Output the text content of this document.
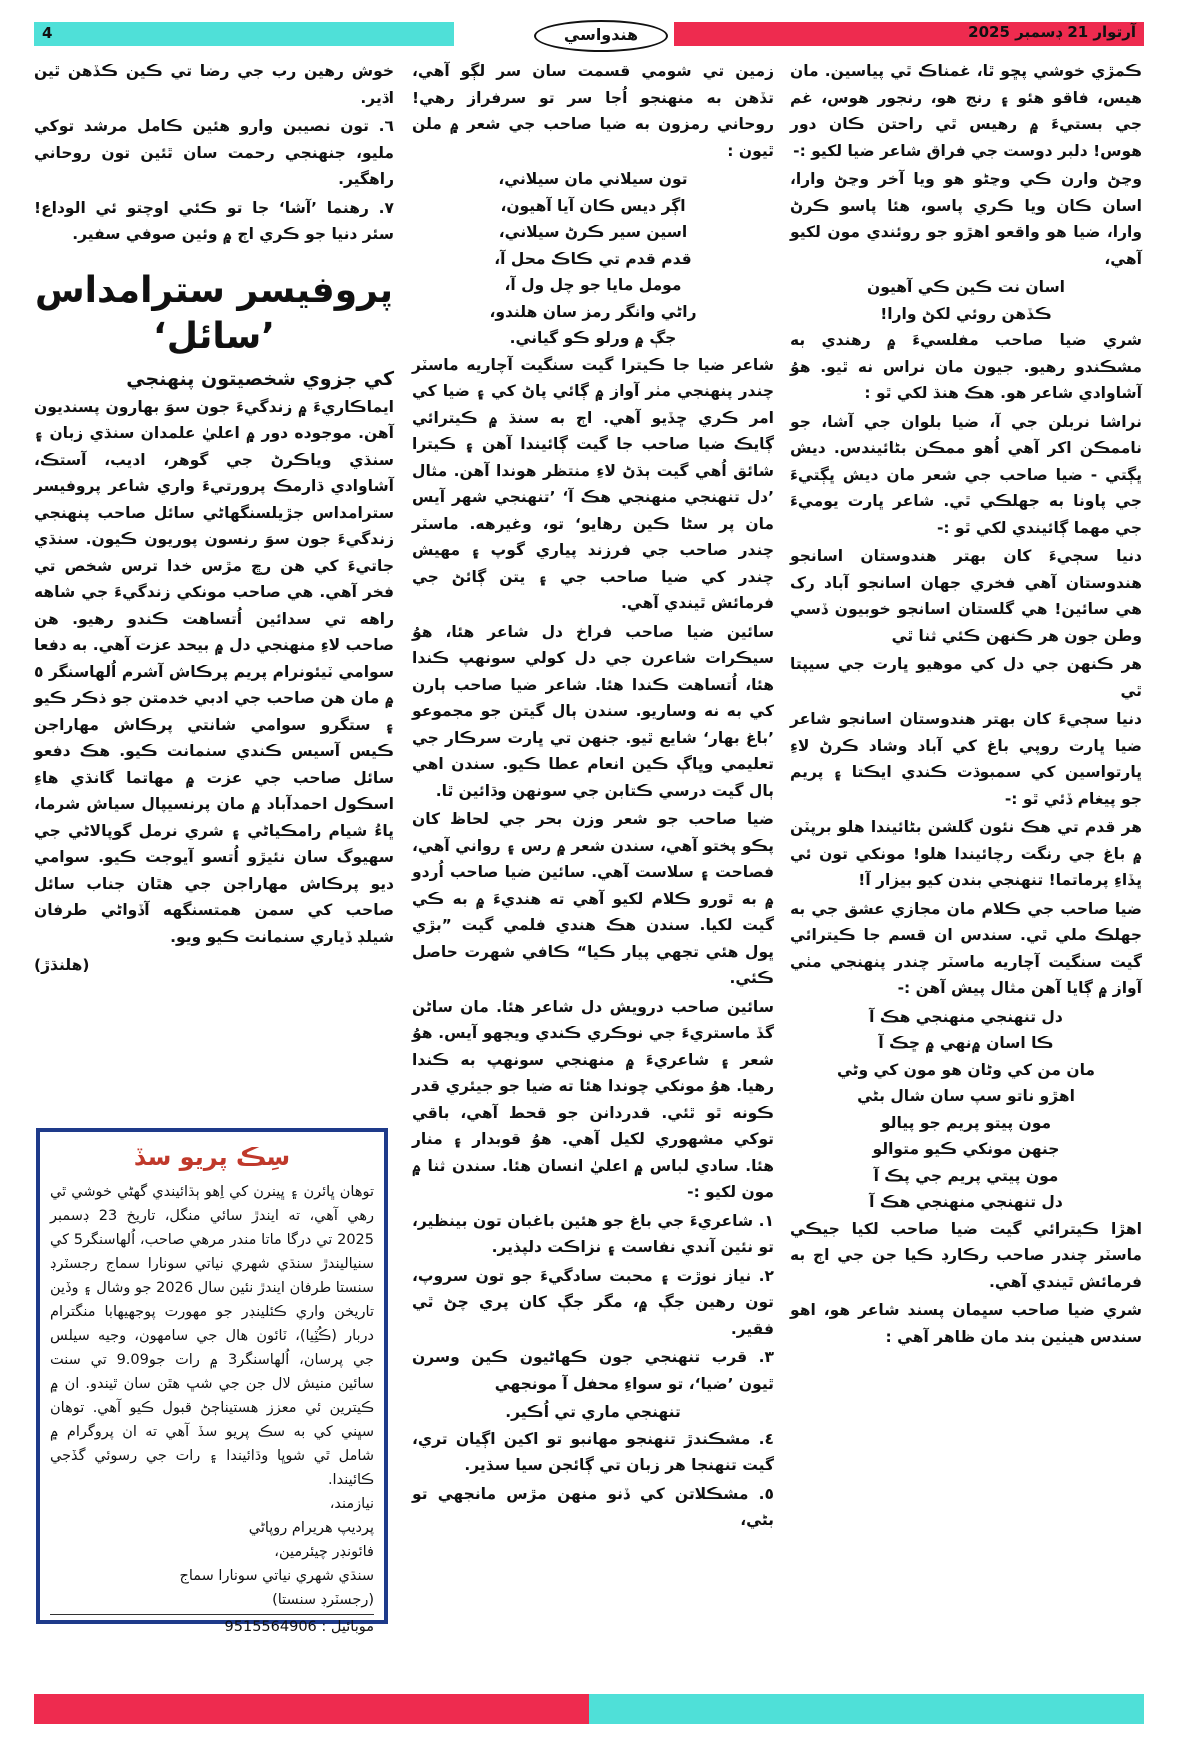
4	هندواسي	آرتوار 21 ڊسمبر 2025

ڪمڙي خوشي پڇو ٿا، غمناڪ ٿي پياسين. مان هيس، فاقو هئو ۽ رنج هو، رنجور هوس، غم جي بستيءَ ۾ رهيس ٿي راحتن ڪان دور هوس! دلبر دوست جي فراق شاعر ضيا لکيو :-

وڃڻ وارن ڪي وڃڻو هو ويا آخر وڃڻ وارا، اسان ڪان ويا ڪري پاسو، هئا پاسو ڪرڻ وارا، ضيا هو واقعو اهڙو جو روئندي مون لکيو آهي،

اسان نت ڪين ڪي آهيون

ڪڏهن روئي لکڻ وارا!

شري ضيا صاحب مفلسيءَ ۾ رهندي به مشڪندو رهيو. جيون مان نراس نه ٿيو. هوُ آشاوادي شاعر هو. هڪ هنڌ لکي ٿو :

نراشا نربلن جي آ، ضيا بلوان جي آشا، جو ناممڪن اکر آهي اُهو ممڪن بڻائيندس. ديش ڀڳتي - ضيا صاحب جي شعر مان ديش ڀڳتيءَ جي پاونا به جهلڪي ٿي. شاعر ڀارت يوميءَ جي مهما ڳائيندي لکي ٿو :-

دنيا سڄيءَ کان بهتر هندوستان اسانجو هندوستان آهي فخري جهان اسانجو آباد رک هي سائين! هي گلستان اسانجو خوبيون ڏسي وطن جون هر ڪنهن ڪئي ثنا ٿي

هر ڪنهن جي دل کي موهيو ڀارت جي سيپتا ٿي

دنيا سڄيءَ کان بهتر هندوستان اسانجو شاعر ضيا ڀارت روپي باغ کي آباد وشاد ڪرڻ لاءِ ڀارتواسين کي سمبوڌت ڪندي ايڪتا ۽ پريم جو پيغام ڏئي ٿو :-

هر قدم تي هڪ نئون گلشن بڻائيندا هلو برپٽن ۾ باغ جي رنگت رچائيندا هلو! مونکي تون ئي ڀڏاءِ پرماتما! تنهنجي بندن کيو بيزار آ!

ضيا صاحب جي ڪلام مان مجازي عشق جي به جهلڪ ملي ٿي. سندس ان قسم جا ڪيترائي گيت سنگيت آچاريه ماسٽر چندر پنهنجي مٺي آواز ۾ ڳايا آهن مثال پيش آهن :-

دل تنهنجي منهنجي هڪ آ

ڪا اسان ۾نهي ۾ ڇڪ آ

مان من کي وڻان هو مون کي وڻي

اهڙو ناتو سپ سان شال بڻي

مون پيتو پريم جو پيالو

جنهن مونکي ڪيو متوالو

مون پيتي پريم جي پڪ آ

دل تنهنجي منهنجي هڪ آ

اهڙا ڪيترائي گيت ضيا صاحب لکيا جيڪي ماسٽر چندر صاحب رڪارڊ ڪيا جن جي اڄ به فرمائش ٿيندي آهي.

شري ضيا صاحب سڀمان پسند شاعر هو، اهو سندس هيٺين بند مان ظاهر آهي :

زمين تي شومي قسمت سان سر لڳو آهي، تڏهن به منهنجو اُجا سر تو سرفراز رهي! روحاني رمزون به ضيا صاحب جي شعر ۾ ملن ٿيون :

تون سيلاني مان سيلاني،

اڳر ديس ڪان آيا آهيون،

اسين سير ڪرڻ سيلاني،

قدم قدم تي ڪاڪ محل آ،

مومل مايا جو چل ول آ،

راڻي وانگر رمز سان هلندو،

جڳ ۾ ورلو ڪو گياني.

شاعر ضيا جا ڪيترا گيت سنگيت آچاريه ماسٽر چندر پنهنجي مٺر آواز ۾ ڳائي پاڻ کي ۽ ضيا کي امر ڪري ڇڏيو آهي. اڄ به سنڌ ۾ ڪيترائي ڳايڪ ضيا صاحب جا گيت ڳائيندا آهن ۽ ڪيترا شائق اُهي گيت ٻڌڻ لاءِ منتظر هوندا آهن. مثال ’دل تنهنجي منهنجي هڪ آ‘ ’تنهنجي شهر آيس مان پر سڻا ڪين رهايو‘ تو، وغيرهه. ماسٽر چندر صاحب جي فرزند پياري گوپ ۽ مهيش چندر کي ضيا صاحب جي ۽ يتن ڳائڻ جي فرمائش ٿيندي آهي.

سائين ضيا صاحب فراخ دل شاعر هئا، هوُ سيڪرات شاعرن جي دل کولي سونهپ ڪندا هئا، اُتساهت ڪندا هئا. شاعر ضيا صاحب ٻارن کي به نه وساريو. سندن ٻال گيتن جو مجموعو ’باغ بهار‘ شايع ٿيو. جنهن تي ڀارت سرڪار جي تعليمي وڀاڳ ڪين انعام عطا ڪيو. سندن اهي ٻال گيت درسي ڪتابن جي سونهن وڌائين ٿا.

ضيا صاحب جو شعر وزن بحر جي لحاظ کان پڪو پختو آهي، سندن شعر ۾ رس ۽ رواني آهي، فصاحت ۽ سلاست آهي. سائين ضيا صاحب اُردو ۾ به ٿورو ڪلام لکيو آهي ته هنديءَ ۾ به ڪي گيت لکيا. سندن هڪ هندي فلمي گيت ”بڙي ڀول هئي تجهي پيار ڪيا“ ڪافي شهرت حاصل ڪئي.

سائين صاحب درويش دل شاعر هئا. مان ساڻن گڏ ماستريءَ جي نوڪري ڪندي ويجهو آيس. هوُ شعر ۽ شاعريءَ ۾ منهنجي سونهپ به ڪندا رهيا. هوُ مونکي چوندا هئا ته ضيا جو جيئري قدر ڪونه ٿو ٿئي. قدردانن جو قحط آهي، باقي توکي مشهوري لکيل آهي. هوُ قوبدار ۽ منار هئا. سادي لباس ۾ اعليٰ انسان هئا. سندن ثنا ۾ مون لکيو :-

١. شاعريءَ جي باغ جو هئين باغبان تون بينظير، تو نئين آندي نفاست ۽ نزاڪت دلپذير.

٢. نياز نوڙت ۽ محبت سادگيءَ جو تون سروپ، تون رهين جڳ ۾، مگر جڳ کان پري چڻ ٿي فقير.

٣. قرب تنهنجي جون ڪهاڻيون ڪين وسرن ٿيون ’ضيا‘، تو سواءِ محفل آ مونجهي

تنهنجي ماري تي اُڪير.

٤. مشڪندڙ تنهنجو مهانبو تو اکين اڳيان تري، گيت تنهنجا هر زبان تي ڳائجن سيا سڌير.

٥. مشڪلاتن کي ڏنو منهن مڙس مانجهي تو بڻي،

خوش رهين رب جي رضا تي ڪين ڪڏهن ٿين اڌير.

٦. تون نصيبن وارو هئين ڪامل مرشد توکي مليو، جنهنجي رحمت سان ٿئين تون روحاني راهگير.

٧. رهنما ’آشا‘ جا تو ڪئي اوچتو ئي الوداع! سئر دنيا جو ڪري اڄ ۾ وئين صوفي سفير.

پروفيسر سترامداس ’سائل‘
کي جزوي شخصيتون پنهنجي

ايماڪاريءَ ۾ زندگيءَ جون سوَ بهارون پسنديون آهن. موجوده دور ۾ اعليٰ علمدان سنڌي زبان ۽ سنڌي وياڪرڻ جي گوهر، اديب، آستڪ، آشاوادي ڌارمڪ پرورتيءَ واري شاعر پروفيسر سترامداس جڙيلسنگهاڻي سائل صاحب پنهنجي زندگيءَ جون سوَ رنسون پوريون ڪيون. سنڌي جاتيءَ کي هن رڇ مڙس خدا ترس شخص تي فخر آهي. هي صاحب مونکي زندگيءَ جي شاهه راهه تي سدائين اُتساهت ڪندو رهيو. هن صاحب لاءِ منهنجي دل ۾ بيحد عزت آهي. به دفعا سوامي ٽيئونرام پريم پرڪاش آشرم اُلهاسنگر ٥ ۾ مان هن صاحب جي ادبي خدمتن جو ذڪر ڪيو ۽ ستگرو سوامي شانتي پرڪاش مهاراجن ڪيس آسيس ڪندي سنمانت ڪيو. هڪ دفعو سائل صاحب جي عزت ۾ مهاتما گانڌي هاءِ اسڪول احمدآباد ۾ مان پرنسيپال سياش شرما، ڀاءُ شيام رامڪياڻي ۽ شري نرمل گوپالاڻي جي سهيوگ سان نئيڙو اُتسو آيوجت ڪيو. سوامي ديو پرڪاش مهاراجن جي هٿان جناب سائل صاحب کي سمن همتسنگهه آڏواڻي طرفان شيلڊ ڏياري سنمانت ڪيو ويو.

(هلنڌڙ)

سِڪ پريو سڏ

توهان ڀائرن ۽ ڀينرن کي اِهو ٻڌائيندي گهڻي خوشي ٿي رهي آهي، ته ايندڙ سائي منگل، تاريخ 23 ڊسمبر 2025 تي درگا ماتا مندر مرهي صاحب، اُلهاسنگر5 کي سنياليندڙ سنڌي شهري نياتي سونارا سماج رجسٽرڊ سنستا طرفان ايندڙ نئين سال 2026 جو وشال ۽ وڏين تاريخن واري ڪئلينڊر جو مهورت پوجهيهابا منگترام دربار (ڪُٽِيا)، ٽائون هال جي سامهون، وجيه سيلس جي پرسان، اُلهاسنگر3 ۾ رات جو9.09 تي سنت سائين منيش لال جن جي شڀ هٿن سان ٿيندو. ان ۾ ڪيترين ئي معزز هستيناڄڻ قبول ڪيو آهي. توهان سڀني کي به سڪ پريو سڏ آهي ته ان پروگرام ۾ شامل ٿي شوڀا وڌائيندا ۽ رات جي رسوئي گڏجي ڪائيندا.

نيازمند،

پرديپ هريرام روپاڻي

فائونڊر چيئرمين،

سنڌي شهري نياتي سونارا سماج

(رجسٽرڊ سنستا)

موبائيل : 9515564906
